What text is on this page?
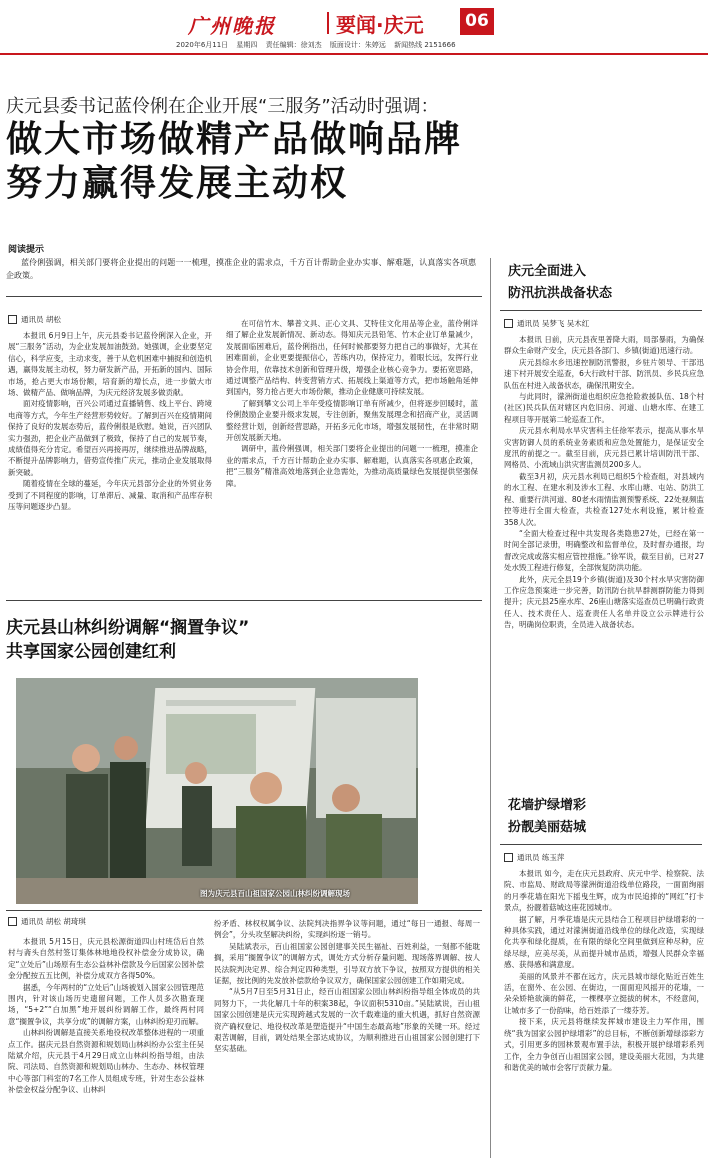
广州晚报	要闻·庆元	06
2020年6月11日 星期四 责任编辑：徐刘杰 版面设计：朱婷远 新闻热线 2151666
庆元县委书记蓝伶俐在企业开展“三服务”活动时强调：
做大市场做精产品做响品牌
努力赢得发展主动权
阅读提示

蓝伶俐强调，相关部门要将企业提出的问题一一梳理，摸准企业的需求点，千方百计帮助企业办实事、解难题，认真落实各项惠企政策。

通讯员 胡松

本报讯 6月9日上午，庆元县委书记蓝伶俐深入企业，开展“三服务”活动，为企业发展加油鼓劲。她强调，企业要坚定信心，科学应变，主动求变，善于从危机困难中捕捉和创造机遇，赢得发展主动权，努力研发新产品，开拓新的国内、国际市场，抢占更大市场份额，培育新的增长点，进一步做大市场、做精产品、做响品牌，为庆元经济发展多做贡献。

面对疫情影响，百兴公司通过直播销售、线上平台、跨境电商等方式，今年生产经营形势较好。了解到百兴在疫情期间保持了良好的发展态势后，蓝伶俐很是欣慰。她说，百兴团队实力强劲，把企业产品做到了极致，保持了自己的发展节奏，成绩值得充分肯定。希望百兴再接再厉，继续推进品牌战略，不断提升品牌影响力，借势宣传推广庆元，推动企业发展取得新突破。

随着疫情在全球的蔓延，今年庆元县部分企业的外贸业务受到了不同程度的影响，订单滞后、减量、取消和产品库存积压等问题逐步凸显。

在可信竹木、攀普文具、正心文具、艾特佳文化用品等企业，蓝伶俐详细了解企业发展新情况、新动态。得知庆元县铅笔、竹木企业订单量减少，发展面临困难后，蓝伶俐指出，任何时候都要努力把自己的事做好，尤其在困难面前，企业更要提振信心，苦练内功，保持定力，着眼长远，发挥行业协会作用，依靠技术创新和管理升级，增强企业核心竞争力。要拓宽思路，通过调整产品结构、转变营销方式、拓展线上渠道等方式，把市场触角延伸到国内，努力抢占更大市场份额，推动企业健康可持续发展。

了解到攀文公司上半年受疫情影响订单有所减少，但将逐步回暖时，蓝伶俐鼓励企业要升级求发展，专注创新，聚焦发展理念和招商产业，灵活调整经营计划，创新经营思路，开拓多元化市场，增强发展韧性，在非常时期开创发展新天地。

调研中，蓝伶俐强调，相关部门要将企业提出的问题一一梳理，摸准企业的需求点，千方百计帮助企业办实事、解难题，认真落实各项惠企政策，把“三服务”精准高效地落到企业急需处，为推动高质量绿色发展提供坚强保障。

庆元县山林纠纷调解“搁置争议”
共享国家公园创建红利
图为庆元县百山祖国家公园山林纠纷调解现场
通讯员 胡松 胡琦琪

本报讯 5月15日，庆元县松源街道四山村班岱后自然村与斋头自然村签订集体林地地役权补偿金分成协议，确定“立处后”山场原有生态公益林补偿款及今后国家公园补偿金分配按五五比例，补偿分成双方各得50%。

据悉，今年两村的“立处后”山场被划入国家公园管理范围内，针对该山场历史遗留问题，工作人员多次勘查现场，“5+2”“白加黑”地开展纠纷调解工作，最终两村同意“搁置争议，共享分成”的调解方案，山林纠纷迎刃而解。

山林纠纷调解是直接关系地役权改革整体进程的一项重点工作。据庆元县自然资源和规划局山林纠纷办公室主任吴陆斌介绍，庆元县于4月29日成立山林纠纷指导组，由法院、司法局、自然资源和规划局山林办、生态办、林权管理中心等部门科室的7名工作人员组成专班，针对生态公益林补偿金权益分配争议、山林纠

纷矛盾、林权权属争议、法院判决指界争议等问题，通过“每日一通报、每周一例会”，分头攻坚解决纠纷，实现纠纷逐一销号。

吴陆斌表示，百山祖国家公园创建事关民生福祉、百姓利益，一刻都不能耽搁，采用“搁置争议”的调解方式，调处方式分析存量问题、现场落界调解、按人民法院判决定界、综合判定四种类型，引导双方放下争议，按照双方提供的相关证据，按比例的先发放补偿款给争议双方，确保国家公园创建工作如期完成。

“从5月7日至5月31日止，经百山祖国家公园山林纠纷指导组全体成员的共同努力下，一共化解几十年的积案38起，争议面积5310亩。”吴陆斌说，百山祖国家公园创建是庆元实现跨越式发展的一次千载难逢的重大机遇，抓好自然资源资产确权登记、地役权改革是塑造提升“中国生态最高地”形象的关键一环。经过艰苦调解，目前，调处结果全部达成协议，为顺利推进百山祖国家公园创建打下坚实基础。

庆元全面进入
防汛抗洪战备状态
通讯员 吴梦飞 吴木红

本报讯 日前，庆元县夜里普降大雨，局部暴雨，为确保群众生命财产安全，庆元县各部门、乡镇(街道)迅速行动。

庆元县综水乡迅速控制防汛警报，乡驻片领导、干部迅速下村开展安全巡查，6大行政村干部、防汛员、乡民兵应急队伍在村进入战备状态，确保汛期安全。

与此同时，濛洲街道也组织应急抢险救援队伍、18个村(社区)民兵队伍对辖区内危旧房、河道、山塘水库、在建工程项目等开展第二轮巡查工作。

庆元县水利局水旱灾害科主任徐军表示，提高从事水旱灾害防御人员的系统业务素质和应急处置能力，是保证安全度汛的前提之一。截至目前，庆元县已累计培训防汛干部、网格员、小流域山洪灾害监测员200多人。

截至3月初，庆元县水利局已组织5个检查组，对县域内的水工程、在建水利及涉水工程、水库山塘、屯站、防洪工程、重要行洪河道、80老水雨情监测预警系统、22处视频监控等进行全面大检查，共检查127处水利设施，累计检查358人次。

“全面大检查过程中共发现各类隐患27处，已经在第一时间全部记录册，明确整改和监督单位，及时督办通报，均督改完成或落实相应管控措施。”徐军说，截至目前，已对27处水毁工程进行修复，全部恢复防洪功能。

此外，庆元全县19个乡镇(街道)及30个村水旱灾害防御工作应急预案进一步完善，防汛防台抗旱群测群防能力得到提升；庆元县25座水库、26座山塘落实巡查员已明确行政责任人、技术责任人、巡查责任人名单并设立公示牌进行公告，明确岗位职责，全员进入战备状态。

花墙护绿增彩
扮靓美丽菇城
通讯员 练玉萍

本报讯 如今，走在庆元县政府、庆元中学、检察院、法院、市监局、财政局等濛洲街道沿线单位路段，一面面绚丽的月季花墙在阳光下摇曳生辉，成为市民追捧的“网红”打卡景点，扮靓着菇城这座花园城市。

据了解，月季花墙是庆元县结合工程项目护绿增彩的一种具体实践，通过对濛洲街道沿线单位的绿化改造，实现绿化共享和绿化提质，在有限的绿化空间里做到应种尽种，应绿尽绿，应美尽美，从而提升城市品质，增强人民群众幸福感、获得感和满意度。

美丽的风景并不都在远方，庆元县城市绿化贴近百姓生活，在窗外、在公园、在街边，一面面迎风摇开的花墙，一朵朵娇艳欲滴的鲜花，一棵棵亭立挺拔的树木，不经意间，让城市多了一份韵味，给百姓添了一缕芬芳。

接下来，庆元县将继续发挥城市建设主力军作用，围绕“我为国家公园护绿增彩”的总目标，不断创新增绿添彩方式，引用更多的园林景观布置手法，积极开展护绿增彩系列工作，全力争创百山祖国家公园，建设美丽大花园，为共建和谐优美的城市会客厅贡献力量。
